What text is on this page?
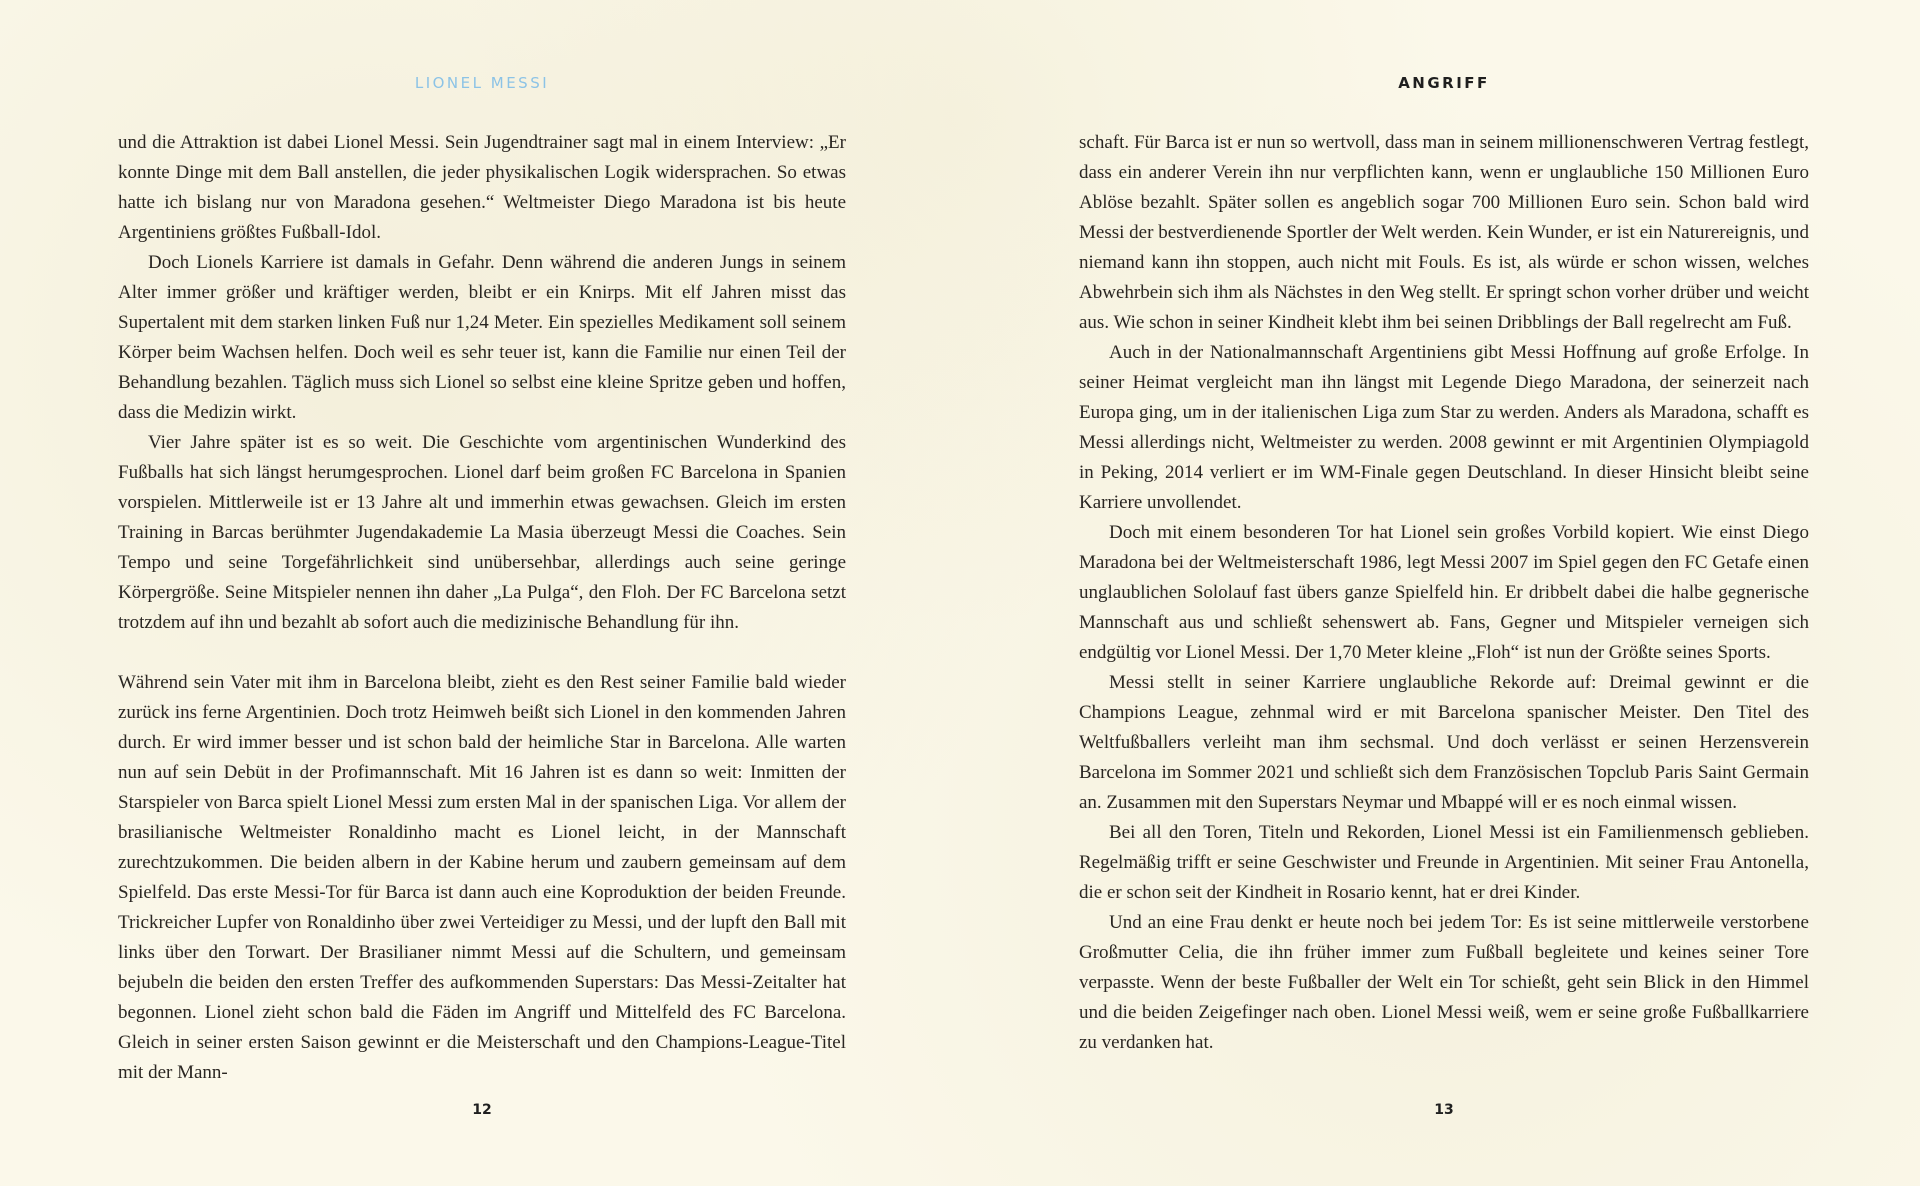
LIONEL MESSI

und die Attraktion ist dabei Lionel Messi. Sein Jugendtrainer sagt mal in einem Interview: „Er konnte Dinge mit dem Ball anstellen, die jeder physikalischen Logik widersprachen. So etwas hatte ich bislang nur von Maradona gesehen.“ Weltmeister Diego Maradona ist bis heute Argentiniens größtes Fußball-Idol.

Doch Lionels Karriere ist damals in Gefahr. Denn während die anderen Jungs in seinem Alter immer größer und kräftiger werden, bleibt er ein Knirps. Mit elf Jahren misst das Supertalent mit dem starken linken Fuß nur 1,24 Meter. Ein spezielles Medikament soll seinem Körper beim Wachsen helfen. Doch weil es sehr teuer ist, kann die Familie nur einen Teil der Behandlung bezahlen. Täglich muss sich Lionel so selbst eine kleine Spritze geben und hoffen, dass die Medizin wirkt.

Vier Jahre später ist es so weit. Die Geschichte vom argentinischen Wunderkind des Fußballs hat sich längst herumgesprochen. Lionel darf beim großen FC Barcelona in Spanien vorspielen. Mittlerweile ist er 13 Jahre alt und immerhin etwas gewachsen. Gleich im ersten Training in Barcas berühmter Jugendakademie La Masia überzeugt Messi die Coaches. Sein Tempo und seine Torgefährlichkeit sind unübersehbar, allerdings auch seine geringe Körpergröße. Seine Mitspieler nennen ihn daher „La Pulga“, den Floh. Der FC Barcelona setzt trotzdem auf ihn und bezahlt ab sofort auch die medizinische Behandlung für ihn.

Während sein Vater mit ihm in Barcelona bleibt, zieht es den Rest seiner Familie bald wieder zurück ins ferne Argentinien. Doch trotz Heimweh beißt sich Lionel in den kommenden Jahren durch. Er wird immer besser und ist schon bald der heimliche Star in Barcelona. Alle warten nun auf sein Debüt in der Profimannschaft. Mit 16 Jahren ist es dann so weit: Inmitten der Starspieler von Barca spielt Lionel Messi zum ersten Mal in der spanischen Liga. Vor allem der brasilianische Weltmeister Ronaldinho macht es Lionel leicht, in der Mannschaft zurechtzukommen. Die beiden albern in der Kabine herum und zaubern gemeinsam auf dem Spielfeld. Das erste Messi-Tor für Barca ist dann auch eine Koproduktion der beiden Freunde. Trickreicher Lupfer von Ronaldinho über zwei Verteidiger zu Messi, und der lupft den Ball mit links über den Torwart. Der Brasilianer nimmt Messi auf die Schultern, und gemeinsam bejubeln die beiden den ersten Treffer des aufkommenden Superstars: Das Messi-Zeitalter hat begonnen. Lionel zieht schon bald die Fäden im Angriff und Mittelfeld des FC Barcelona. Gleich in seiner ersten Saison gewinnt er die Meisterschaft und den Champions-League-Titel mit der Mann-

12
ANGRIFF

schaft. Für Barca ist er nun so wertvoll, dass man in seinem millionenschweren Vertrag festlegt, dass ein anderer Verein ihn nur verpflichten kann, wenn er unglaubliche 150 Millionen Euro Ablöse bezahlt. Später sollen es angeblich sogar 700 Millionen Euro sein. Schon bald wird Messi der bestverdienende Sportler der Welt werden. Kein Wunder, er ist ein Naturereignis, und niemand kann ihn stoppen, auch nicht mit Fouls. Es ist, als würde er schon wissen, welches Abwehrbein sich ihm als Nächstes in den Weg stellt. Er springt schon vorher drüber und weicht aus. Wie schon in seiner Kindheit klebt ihm bei seinen Dribblings der Ball regelrecht am Fuß.

Auch in der Nationalmannschaft Argentiniens gibt Messi Hoffnung auf große Erfolge. In seiner Heimat vergleicht man ihn längst mit Legende Diego Maradona, der seinerzeit nach Europa ging, um in der italienischen Liga zum Star zu werden. Anders als Maradona, schafft es Messi allerdings nicht, Weltmeister zu werden. 2008 gewinnt er mit Argentinien Olympiagold in Peking, 2014 verliert er im WM-Finale gegen Deutschland. In dieser Hinsicht bleibt seine Karriere unvollendet.

Doch mit einem besonderen Tor hat Lionel sein großes Vorbild kopiert. Wie einst Diego Maradona bei der Weltmeisterschaft 1986, legt Messi 2007 im Spiel gegen den FC Getafe einen unglaublichen Sololauf fast übers ganze Spielfeld hin. Er dribbelt dabei die halbe gegnerische Mannschaft aus und schließt sehenswert ab. Fans, Gegner und Mitspieler verneigen sich endgültig vor Lionel Messi. Der 1,70 Meter kleine „Floh“ ist nun der Größte seines Sports.

Messi stellt in seiner Karriere unglaubliche Rekorde auf: Dreimal gewinnt er die Champions League, zehnmal wird er mit Barcelona spanischer Meister. Den Titel des Weltfußballers verleiht man ihm sechsmal. Und doch verlässt er seinen Herzensverein Barcelona im Sommer 2021 und schließt sich dem Französischen Topclub Paris Saint Germain an. Zusammen mit den Superstars Neymar und Mbappé will er es noch einmal wissen.

Bei all den Toren, Titeln und Rekorden, Lionel Messi ist ein Familienmensch geblieben. Regelmäßig trifft er seine Geschwister und Freunde in Argentinien. Mit seiner Frau Antonella, die er schon seit der Kindheit in Rosario kennt, hat er drei Kinder.

Und an eine Frau denkt er heute noch bei jedem Tor: Es ist seine mittlerweile verstorbene Großmutter Celia, die ihn früher immer zum Fußball begleitete und keines seiner Tore verpasste. Wenn der beste Fußballer der Welt ein Tor schießt, geht sein Blick in den Himmel und die beiden Zeigefinger nach oben. Lionel Messi weiß, wem er seine große Fußballkarriere zu verdanken hat.

13
